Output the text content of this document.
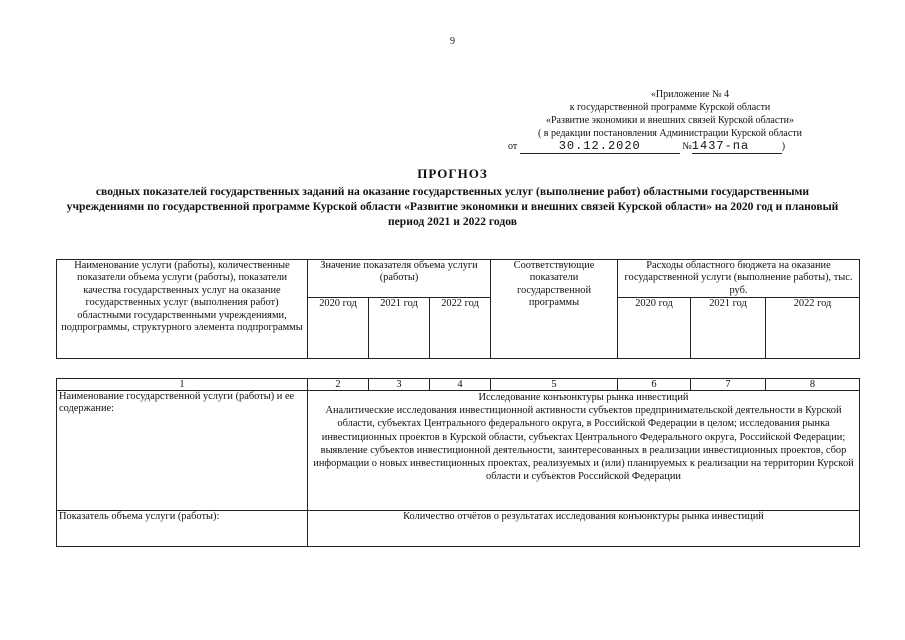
9
«Приложение № 4
к государственной программе Курской области
«Развитие экономики и внешних связей Курской области»
( в редакции постановления Администрации Курской области
от	30.12.2020	№1437-па	)
ПРОГНОЗ
сводных показателей государственных заданий на оказание государственных услуг (выполнение работ) областными государственными учреждениями по государственной программе Курской области «Развитие экономики и внешних связей Курской области» на 2020 год и плановый период 2021 и 2022 годов
Наименование услуги (работы), количественные показатели объема услуги (работы), показатели качества государственных услуг на оказание государственных услуг (выполнения работ) областными государственными учреждениями, подпрограммы, структурного элемента подпрограммы	Значение показателя объема услуги (работы)			Соответствующие показатели государственной программы	Расходы областного бюджета на оказание государственной услуги (выполнение работы), тыс. руб.		
	2020 год	2021 год	2022 год		2020 год	2021 год	2022 год
1	2	3	4	5	6	7	8
Наименование государственной услуги (работы) и ее содержание:	Исследование конъюнктуры рынка инвестиций
Аналитические исследования инвестиционной активности субъектов предпринимательской деятельности в Курской области, субъектах Центрального федерального округа, в Российской Федерации в целом; исследования рынка инвестиционных проектов в Курской области, субъектах Центрального Федерального округа, Российской Федерации; выявление субъектов инвестиционной деятельности, заинтересованных в реализации инвестиционных проектов, сбор информации о новых инвестиционных проектах, реализуемых и (или) планируемых к реализации на территории Курской области и субъектов Российской Федерации						

Показатель объема услуги (работы):	Количество отчётов о результатах исследования конъюнктуры рынка инвестиций						
